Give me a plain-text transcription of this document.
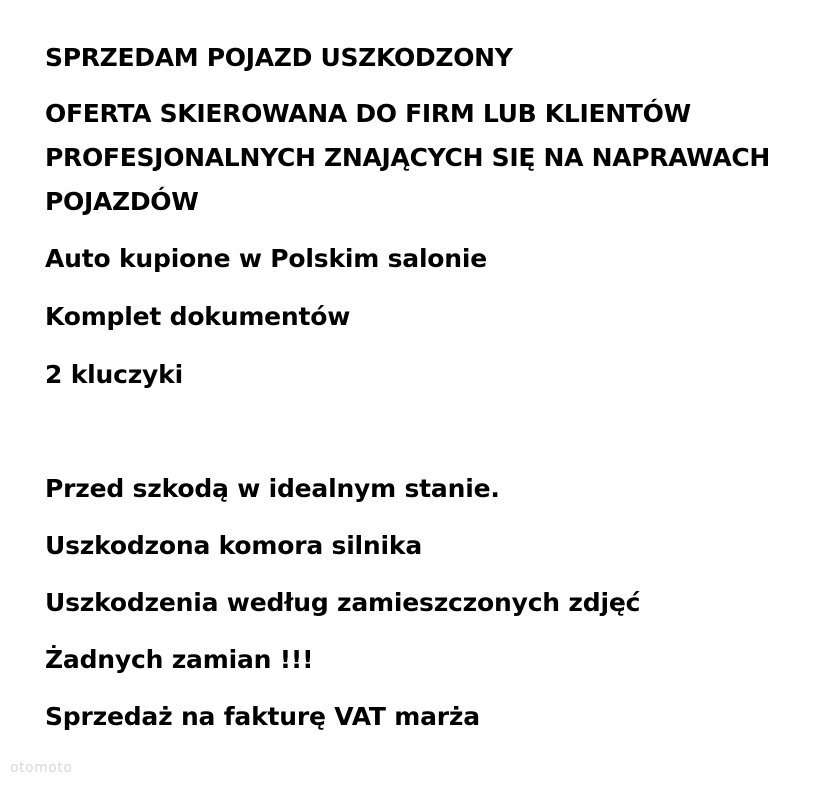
SPRZEDAM POJAZD USZKODZONY
OFERTA SKIEROWANA DO FIRM LUB KLIENTÓW PROFESJONALNYCH ZNAJĄCYCH SIĘ NA NAPRAWACH POJAZDÓW
Auto kupione w Polskim salonie
Komplet dokumentów
2 kluczyki
Przed szkodą w idealnym stanie.
Uszkodzona komora silnika
Uszkodzenia według zamieszczonych zdjęć
Żadnych zamian !!!
Sprzedaż na fakturę VAT marża
otomoto
